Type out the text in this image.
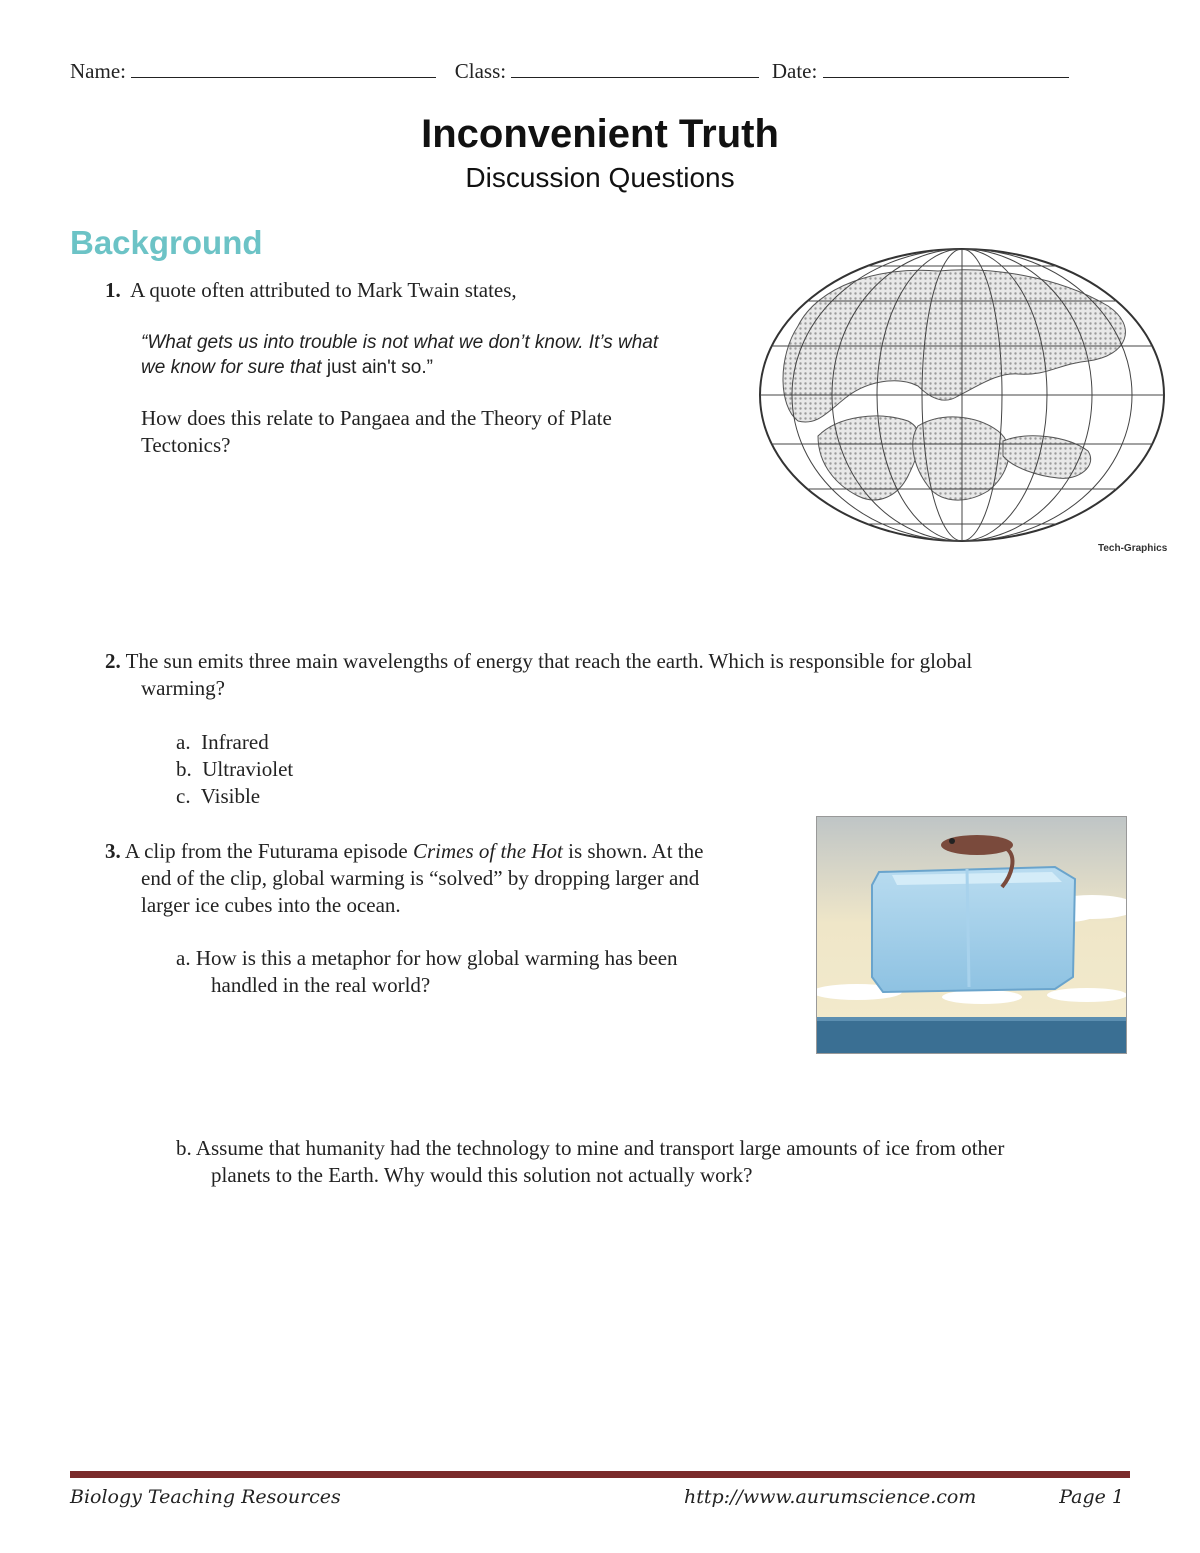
Name:	Class:	Date:
Inconvenient Truth
Discussion Questions
Background
1. A quote often attributed to Mark Twain states,
“What gets us into trouble is not what we don’t know. It’s what
we know for sure that just ain't so.”
How does this relate to Pangaea and the Theory of Plate
Tectonics?
Tech-Graphics
2. The sun emits three main wavelengths of energy that reach the earth. Which is responsible for global
warming?
a. Infrared
b. Ultraviolet
c. Visible
3. A clip from the Futurama episode Crimes of the Hot is shown. At the
end of the clip, global warming is “solved” by dropping larger and
larger ice cubes into the ocean.
a. How is this a metaphor for how global warming has been
handled in the real world?
b. Assume that humanity had the technology to mine and transport large amounts of ice from other
planets to the Earth. Why would this solution not actually work?
Biology Teaching Resources	http://www.aurumscience.com	Page 1
